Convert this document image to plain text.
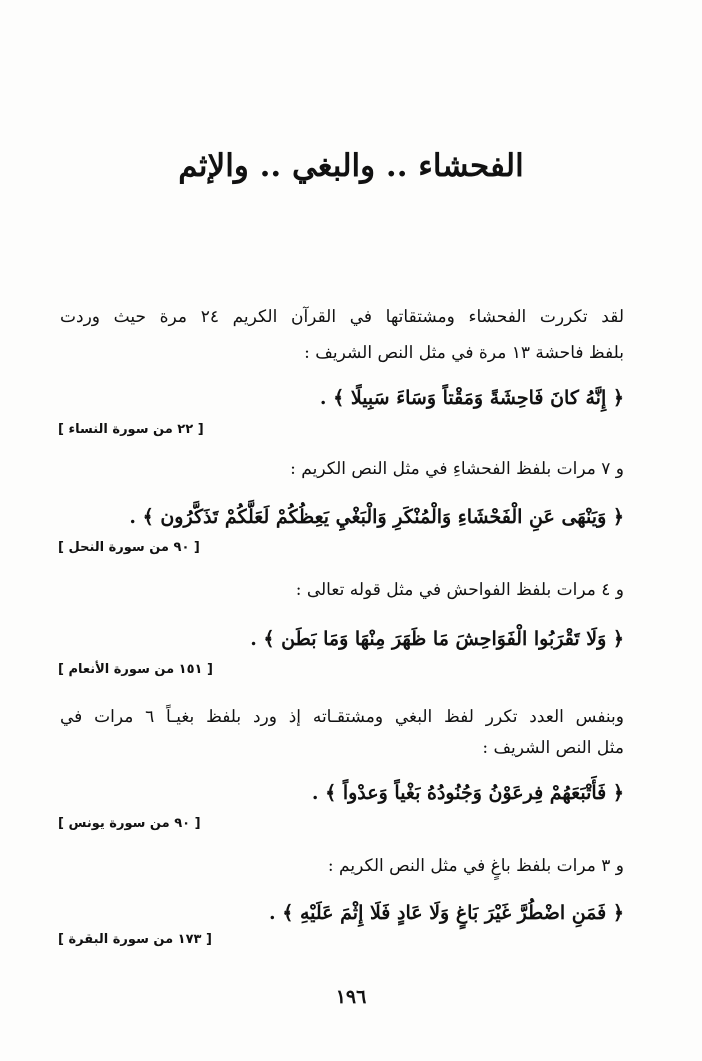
الفحشاء .. والبغي .. والإثم

لقد تكررت الفحشاء ومشتقاتها في القرآن الكريم ٢٤ مرة حيث وردت

بلفظ فاحشة ١٣ مرة في مثل النص الشريف :

﴿ إِنَّهُ كانَ فَاحِشَةً وَمَقْتاً وَسَاءَ سَبِيلًا ﴾ .

[ ٢٢ من سورة النساء ]

و ٧ مرات بلفظ الفحشاءِ في مثل النص الكريم :

﴿ وَيَنْهَى عَنِ الْفَحْشَاءِ وَالْمُنْكَرِ وَالْبَغْيِ يَعِظُكُمْ لَعَلَّكُمْ تَذَكَّرُون ﴾ .

[ ٩٠ من سورة النحل ]

و ٤ مرات بلفظ الفواحش في مثل قوله تعالى :

﴿ وَلَا تَقْرَبُوا الْفَوَاحِشَ مَا ظَهَرَ مِنْهَا وَمَا بَطَن ﴾ .

[ ١٥١ من سورة الأنعام ]

وبنفس العدد تكرر لفظ البغي ومشتقـاته إذ ورد بلفظ بغيـاً ٦ مرات في

مثل النص الشريف :

﴿ فَأَتْبَعَهُمْ فِرعَوْنُ وَجُنُودُهُ بَغْياً وَعدْواً ﴾ .

[ ٩٠ من سورة يونس ]

و ٣ مرات بلفظ باغٍ في مثل النص الكريم :

﴿ فَمَنِ اضْطُرَّ غَيْرَ بَاغٍ وَلَا عَادٍ فَلَا إِثْمَ عَلَيْهِ ﴾ .

[ ١٧٣ من سورة البقرة ]

١٩٦
